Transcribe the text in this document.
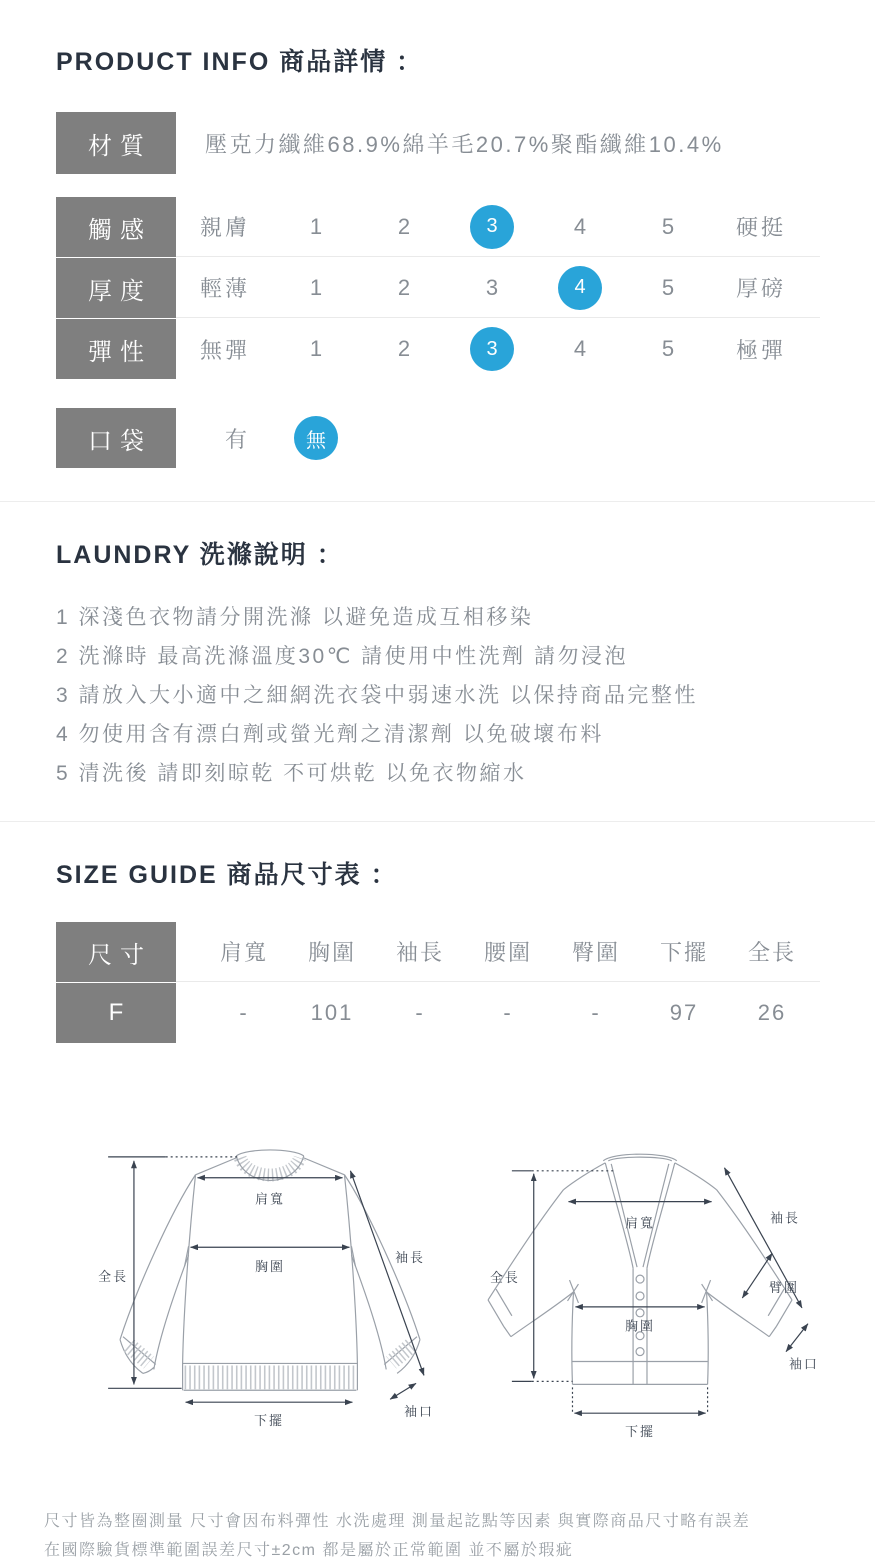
PRODUCT INFO 商品詳情 ：
材質	壓克力纖維68.9%綿羊毛20.7%聚酯纖維10.4%
觸感	親膚	1	2	3	4	5	硬挺
厚度	輕薄	1	2	3	4	5	厚磅
彈性	無彈	1	2	3	4	5	極彈
口袋	有	無
LAUNDRY 洗滌說明 ：

1 深淺色衣物請分開洗滌 以避免造成互相移染

2 洗滌時 最高洗滌溫度30℃ 請使用中性洗劑 請勿浸泡

3 請放入大小適中之細網洗衣袋中弱速水洗 以保持商品完整性

4 勿使用含有漂白劑或螢光劑之清潔劑 以免破壞布料

5 清洗後 請即刻晾乾 不可烘乾 以免衣物縮水

SIZE GUIDE 商品尺寸表 ：
尺寸	肩寬	胸圍	袖長	腰圍	臀圍	下擺	全長
F	-	101	-	-	-	97	26
全長
肩寬
胸圍
袖長
下擺
袖口
全長
肩寬	袖長
臂圍
胸圍
袖口
下擺

尺寸皆為整圈測量 尺寸會因布料彈性 水洗處理 測量起訖點等因素 與實際商品尺寸略有誤差

在國際驗貨標準範圍誤差尺寸±2cm 都是屬於正常範圍 並不屬於瑕疵
